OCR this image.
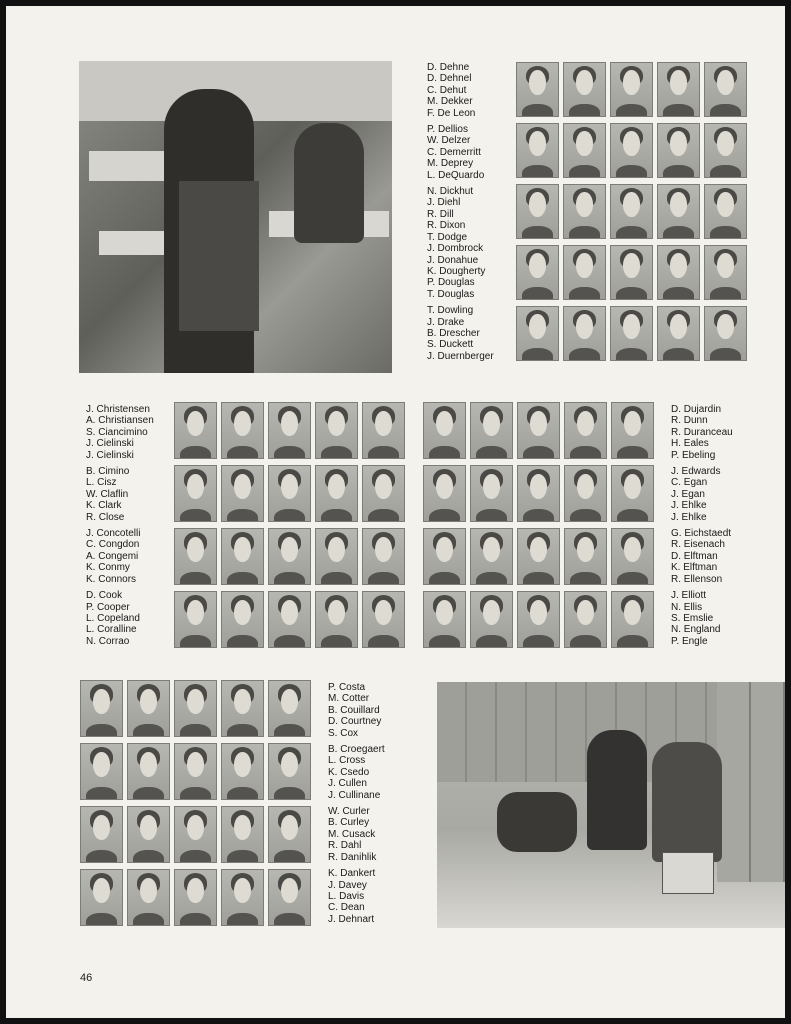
D. Dehne
D. Dehnel
C. Dehut
M. Dekker
F. De Leon
P. Dellios
W. Delzer
C. Demerritt
M. Deprey
L. DeQuardo
N. Dickhut
J. Diehl
R. Dill
R. Dixon
T. Dodge
J. Dombrock
J. Donahue
K. Dougherty
P. Douglas
T. Douglas
T. Dowling
J. Drake
B. Drescher
S. Duckett
J. Duernberger
J. Christensen
A. Christiansen
S. Ciancimino
J. Cielinski
J. Cielinski
B. Cimino
L. Cisz
W. Claflin
K. Clark
R. Close
J. Concotelli
C. Congdon
A. Congemi
K. Conmy
K. Connors
D. Cook
P. Cooper
L. Copeland
L. Coralline
N. Corrao
D. Dujardin
R. Dunn
R. Duranceau
H. Eales
P. Ebeling
J. Edwards
C. Egan
J. Egan
J. Ehlke
J. Ehlke
G. Eichstaedt
R. Eisenach
D. Elftman
K. Elftman
R. Ellenson
J. Elliott
N. Ellis
S. Emslie
N. England
P. Engle
P. Costa
M. Cotter
B. Couillard
D. Courtney
S. Cox
B. Croegaert
L. Cross
K. Csedo
J. Cullen
J. Cullinane
W. Curler
B. Curley
M. Cusack
R. Dahl
R. Danihlik
K. Dankert
J. Davey
L. Davis
C. Dean
J. Dehnart
46
